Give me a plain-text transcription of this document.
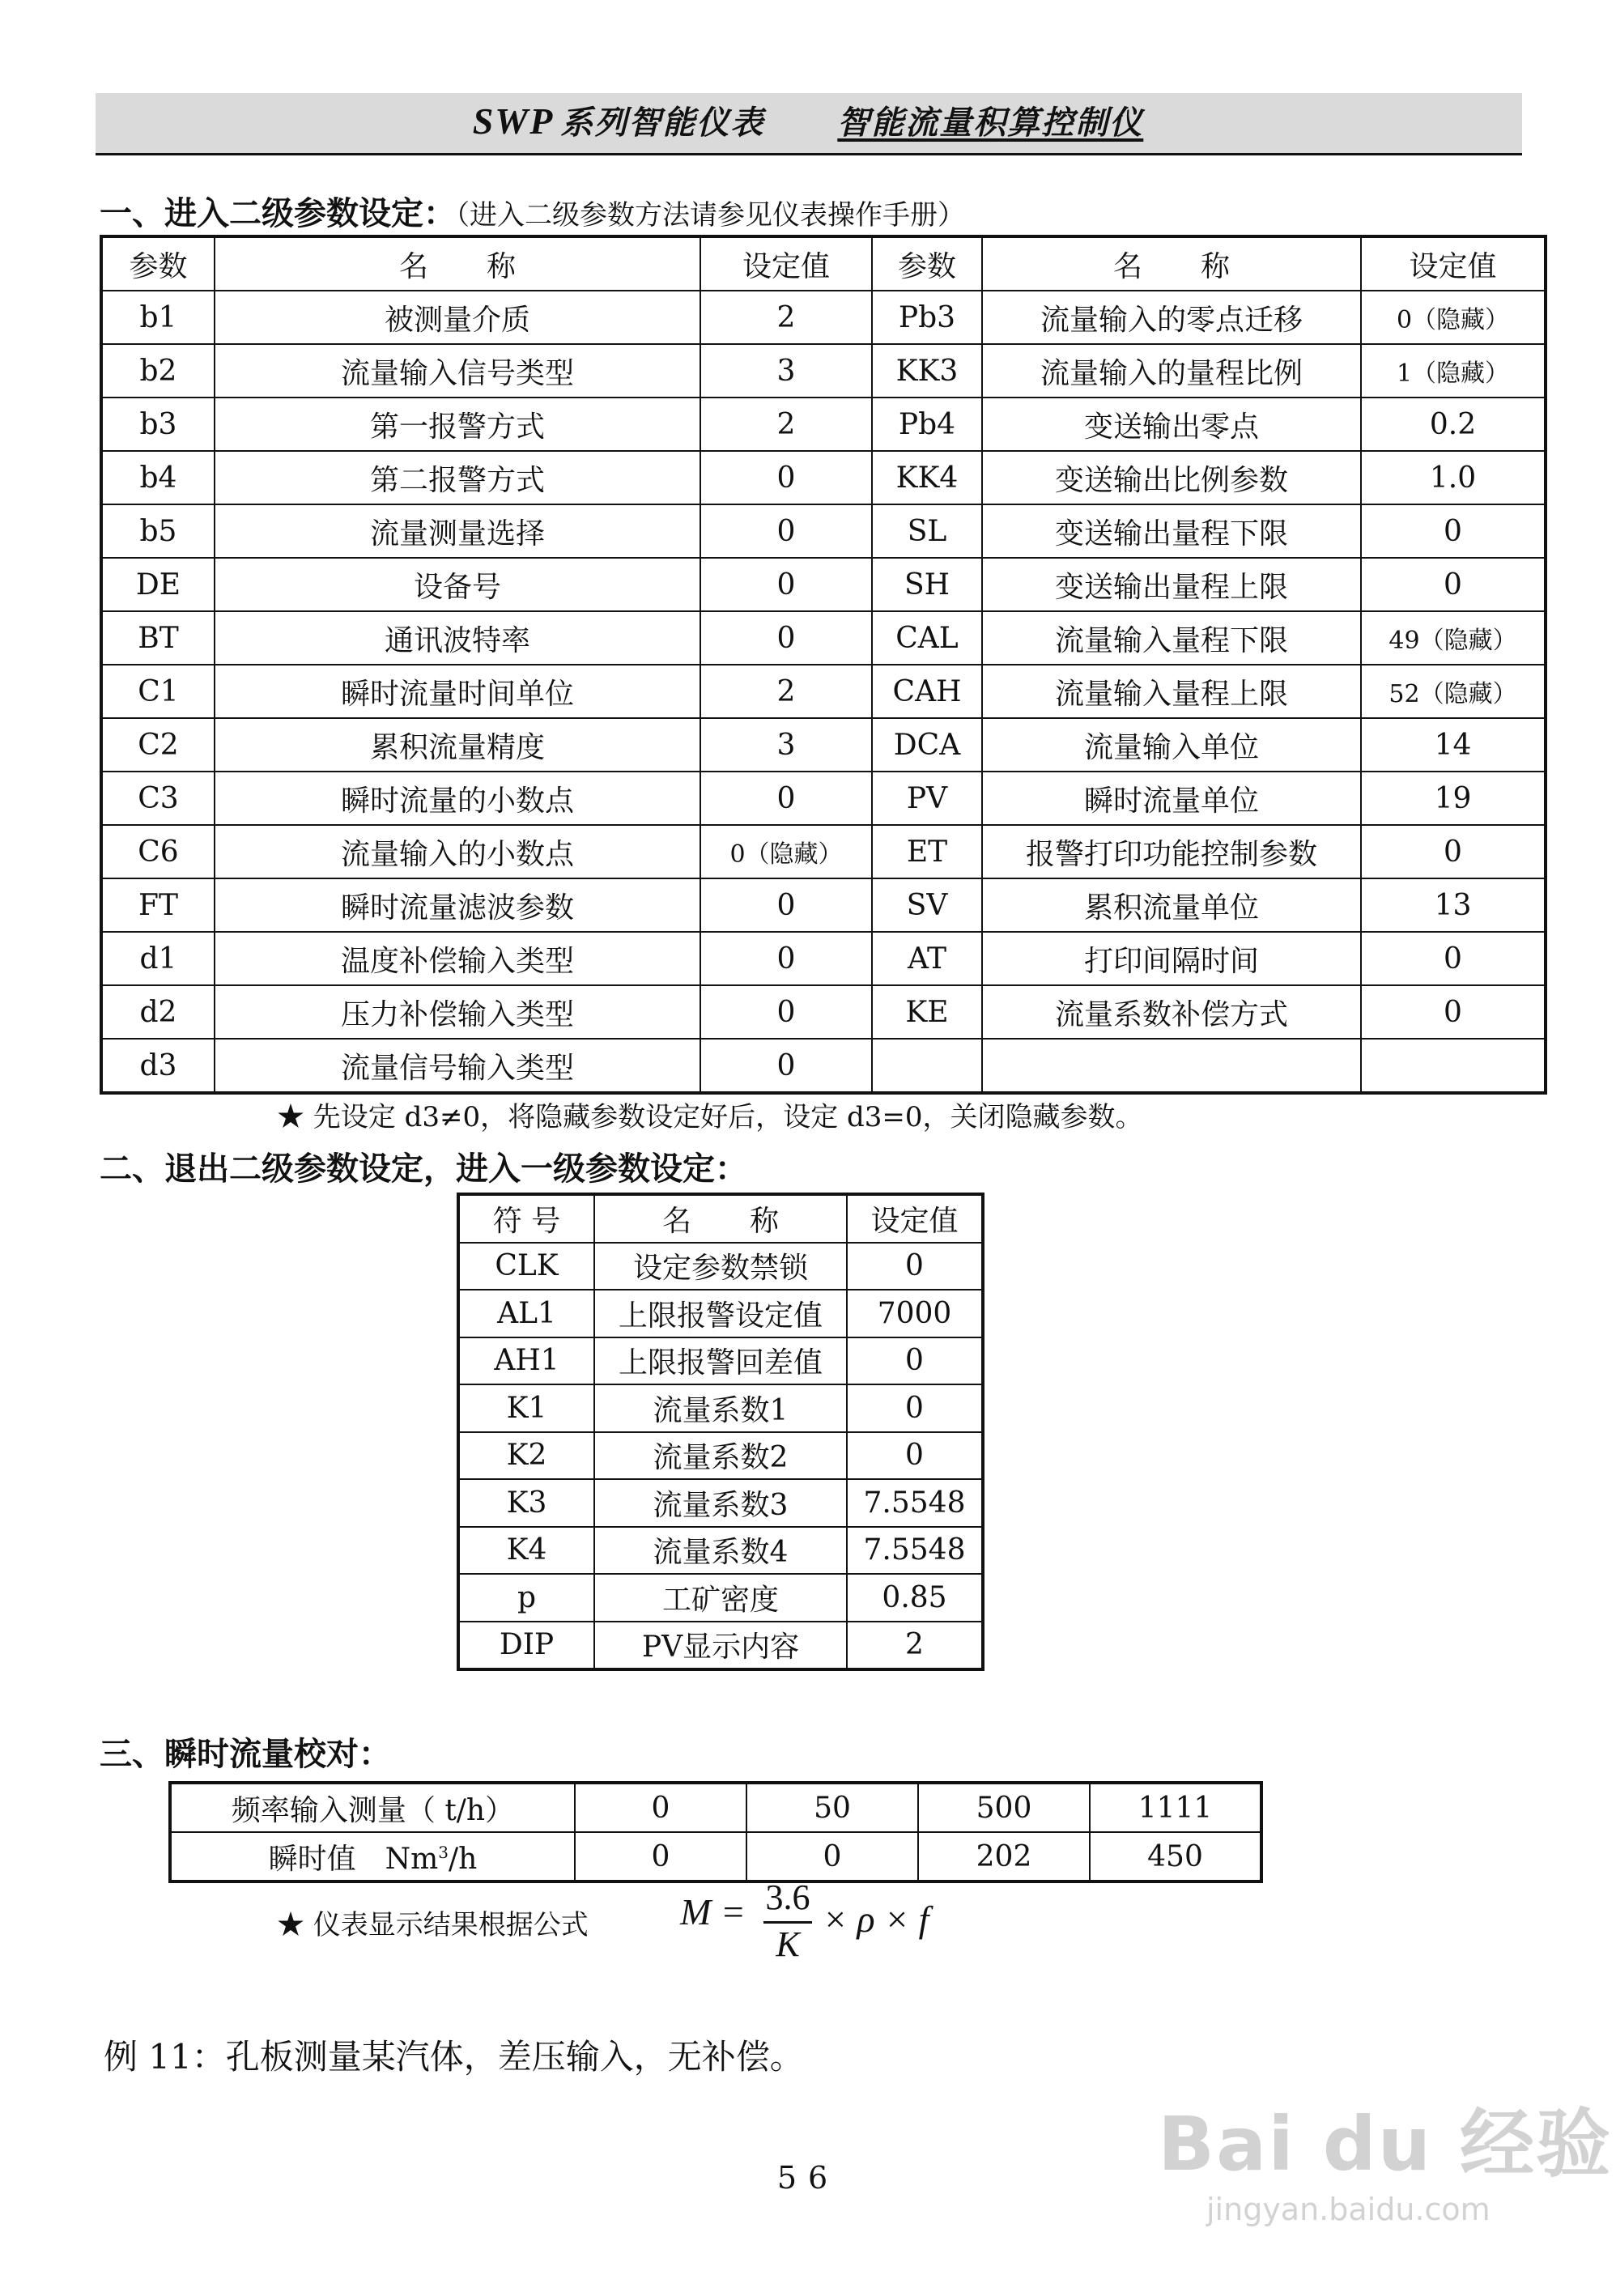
SWP 系列智能仪表 智能流量积算控制仪
一、进入二级参数设定：（进入二级参数方法请参见仪表操作手册）
参数	名　　称	设定值	参数	名　　称	设定值
b1	被测量介质	2	Pb3	流量输入的零点迁移	0（隐藏）
b2	流量输入信号类型	3	KK3	流量输入的量程比例	1（隐藏）
b3	第一报警方式	2	Pb4	变送输出零点	0.2
b4	第二报警方式	0	KK4	变送输出比例参数	1.0
b5	流量测量选择	0	SL	变送输出量程下限	0
DE	设备号	0	SH	变送输出量程上限	0
BT	通讯波特率	0	CAL	流量输入量程下限	49（隐藏）
C1	瞬时流量时间单位	2	CAH	流量输入量程上限	52（隐藏）
C2	累积流量精度	3	DCA	流量输入单位	14
C3	瞬时流量的小数点	0	PV	瞬时流量单位	19
C6	流量输入的小数点	0（隐藏）	ET	报警打印功能控制参数	0
FT	瞬时流量滤波参数	0	SV	累积流量单位	13
d1	温度补偿输入类型	0	AT	打印间隔时间	0
d2	压力补偿输入类型	0	KE	流量系数补偿方式	0
d3	流量信号输入类型	0			
★ 先设定 d3≠0，将隐藏参数设定好后，设定 d3=0，关闭隐藏参数。
二、退出二级参数设定，进入一级参数设定：
符 号	名　　称	设定值
CLK	设定参数禁锁	0
AL1	上限报警设定值	7000
AH1	上限报警回差值	0
K1	流量系数1	0
K2	流量系数2	0
K3	流量系数3	7.5548
K4	流量系数4	7.5548
p	工矿密度	0.85
DIP	PV显示内容	2
三、瞬时流量校对：
频率输入测量（ t/h）	0	50	500	1111
瞬时值　Nm$^3$/h	0	0	202	450
★ 仪表显示结果根据公式 $M = \frac{3.6}{K} \times \rho \times f$
例 11：孔板测量某汽体，差压输入，无补偿。
56	Bai du 经验
jingyan.baidu.com
